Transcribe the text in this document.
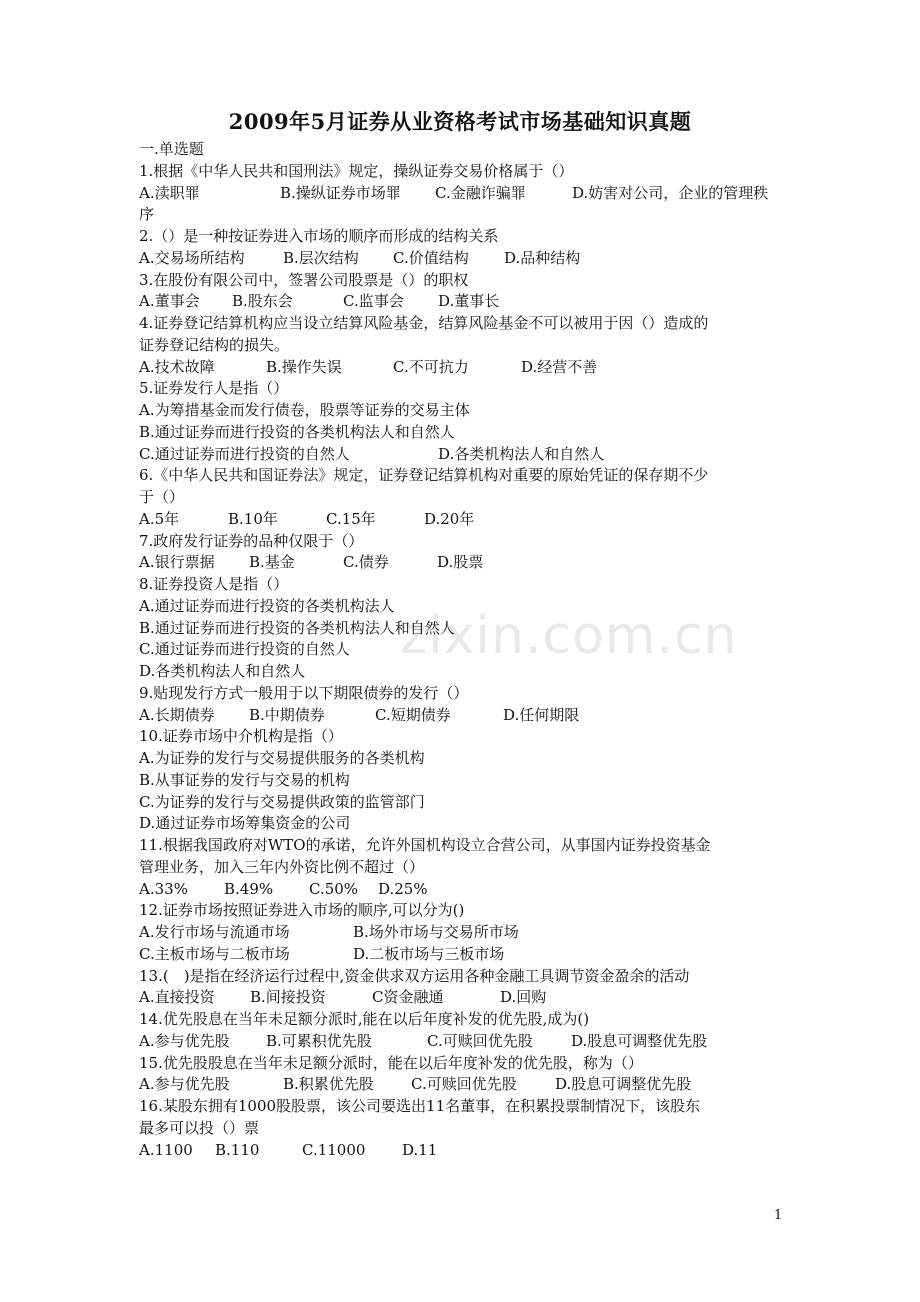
zixin.com.cn
2009年5月证券从业资格考试市场基础知识真题
一.单选题
1.根据《中华人民共和国刑法》规定，操纵证券交易价格属于（）
A.渎职罪	B.操纵证券市场罪 C.金融诈骗罪	D.妨害对公司，企业的管理秩
序
2.（）是一种按证券进入市场的顺序而形成的结构关系
A.交易场所结构	B.层次结构 C.价值结构 D.品种结构
3.在股份有限公司中，签署公司股票是（）的职权
A.董事会 B.股东会	C.监事会 D.董事长
4.证券登记结算机构应当设立结算风险基金，结算风险基金不可以被用于因（）造成的
证券登记结构的损失。
A.技术故障	B.操作失误	C.不可抗力	D.经营不善
5.证券发行人是指（）
A.为筹措基金而发行债卷，股票等证券的交易主体
B.通过证券而进行投资的各类机构法人和自然人
C.通过证券而进行投资的自然人	D.各类机构法人和自然人
6.《中华人民共和国证券法》规定，证券登记结算机构对重要的原始凭证的保存期不少
于（）
A.5年	B.10年	C.15年	D.20年
7.政府发行证券的品种仅限于（）
A.银行票据 B.基金	C.债券	D.股票
8.证券投资人是指（）
A.通过证券而进行投资的各类机构法人
B.通过证券而进行投资的各类机构法人和自然人
C.通过证券而进行投资的自然人
D.各类机构法人和自然人
9.贴现发行方式一般用于以下期限债券的发行（）
A.长期债券 B.中期债券	C.短期债券	D.任何期限
10.证券市场中介机构是指（）
A.为证券的发行与交易提供服务的各类机构
B.从事证券的发行与交易的机构
C.为证券的发行与交易提供政策的监管部门
D.通过证券市场筹集资金的公司
11.根据我国政府对WTO的承诺，允许外国机构设立合营公司，从事国内证券投资基金
管理业务，加入三年内外资比例不超过（）
A.33% B.49% C.50% D.25%
12.证券市场按照证券进入市场的顺序,可以分为()
A.发行市场与流通市场	B.场外市场与交易所市场
C.主板市场与二板市场	D.二板市场与三板市场
13.(　)是指在经济运行过程中,资金供求双方运用各种金融工具调节资金盈余的活动
A.直接投资 B.间接投资	C资金融通	D.回购
14.优先股息在当年未足额分派时,能在以后年度补发的优先股,成为()
A.参与优先股 B.可累积优先股	C.可赎回优先股	D.股息可调整优先股
15.优先股股息在当年未足额分派时，能在以后年度补发的优先股，称为（）
A.参与优先股	B.积累优先股 C.可赎回优先股	D.股息可调整优先股
16.某股东拥有1000股股票，该公司要选出11名董事，在积累投票制情况下，该股东
最多可以投（）票
A.1100 B.110	C.11000 D.11
1
